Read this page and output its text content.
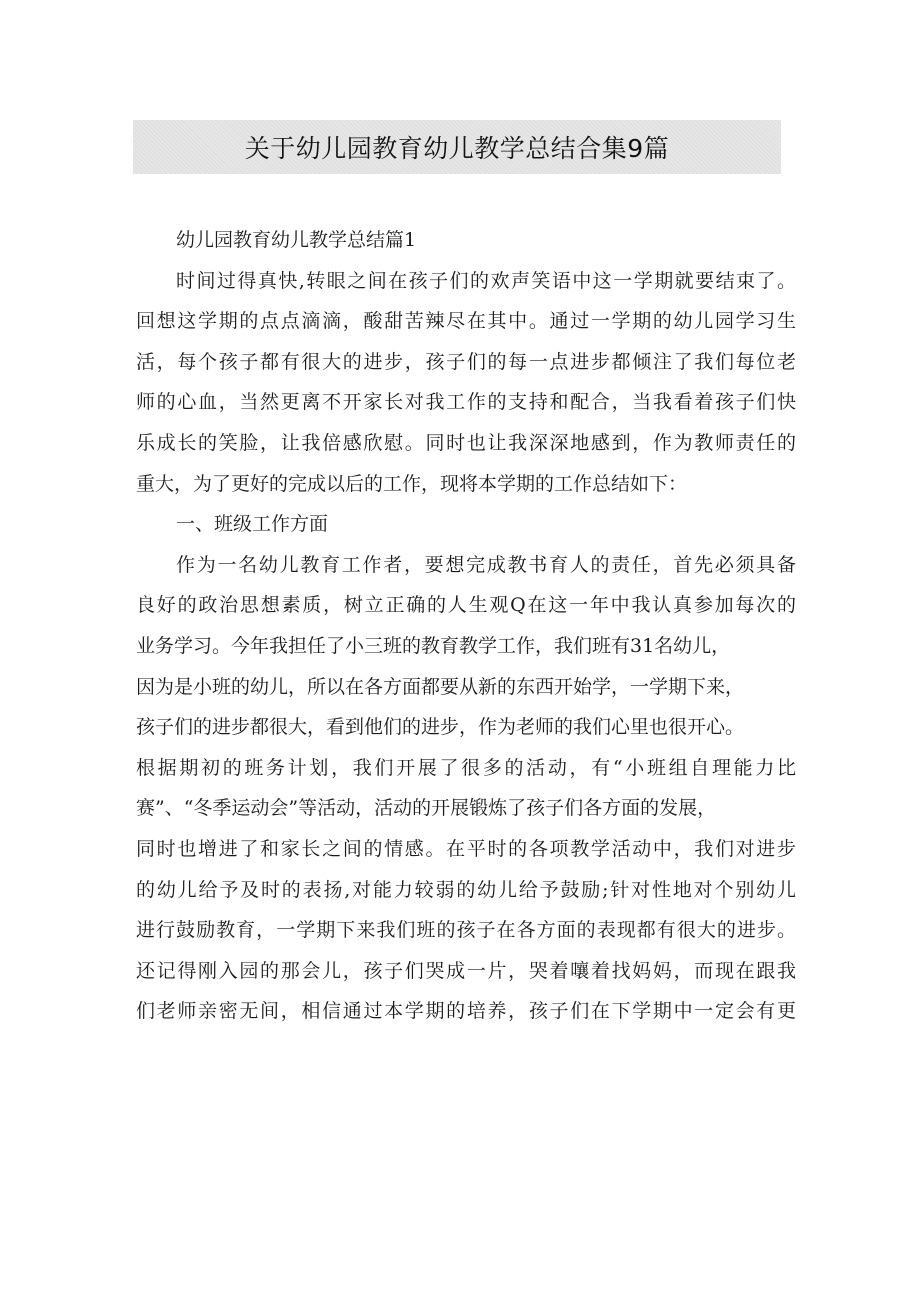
关于幼儿园教育幼儿教学总结合集9篇
幼儿园教育幼儿教学总结篇1
时间过得真快,转眼之间在孩子们的欢声笑语中这一学期就要结束了。
回想这学期的点点滴滴，酸甜苦辣尽在其中。通过一学期的幼儿园学习生
活，每个孩子都有很大的进步，孩子们的每一点进步都倾注了我们每位老
师的心血，当然更离不开家长对我工作的支持和配合，当我看着孩子们快
乐成长的笑脸，让我倍感欣慰。同时也让我深深地感到，作为教师责任的
重大，为了更好的完成以后的工作，现将本学期的工作总结如下：
一、班级工作方面
作为一名幼儿教育工作者，要想完成教书育人的责任，首先必须具备
良好的政治思想素质，树立正确的人生观Q在这一年中我认真参加每次的
业务学习。今年我担任了小三班的教育教学工作，我们班有31名幼儿，
因为是小班的幼儿，所以在各方面都要从新的东西开始学，一学期下来，
孩子们的进步都很大，看到他们的进步，作为老师的我们心里也很开心。
根据期初的班务计划，我们开展了很多的活动，有“小班组自理能力比
赛”、“冬季运动会”等活动，活动的开展锻炼了孩子们各方面的发展，
同时也增进了和家长之间的情感。在平时的各项教学活动中，我们对进步
的幼儿给予及时的表扬,对能力较弱的幼儿给予鼓励;针对性地对个别幼儿
进行鼓励教育，一学期下来我们班的孩子在各方面的表现都有很大的进步。
还记得刚入园的那会儿，孩子们哭成一片，哭着嚷着找妈妈，而现在跟我
们老师亲密无间，相信通过本学期的培养，孩子们在下学期中一定会有更
